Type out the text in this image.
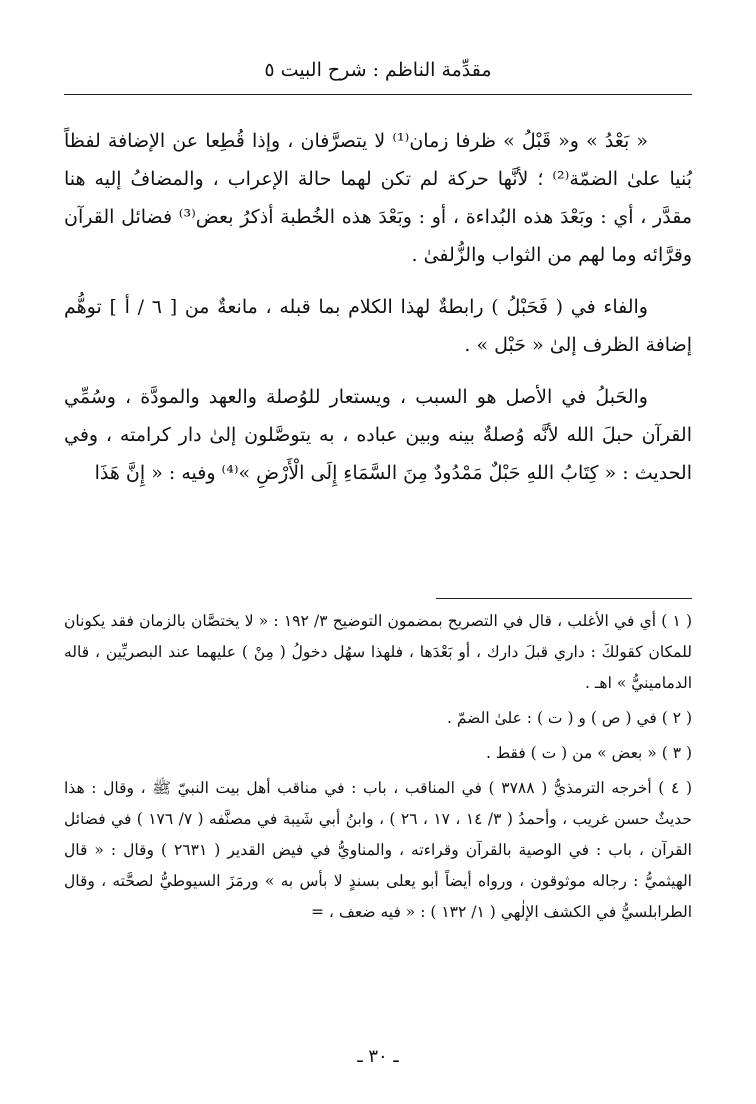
مقدِّمة الناظم : شرح البيت ٥

« بَعْدُ » و« قَبْلُ » ظرفا زمان⁽¹⁾ لا يتصرَّفان ، وإذا قُطِعا عن الإضافة لفظاً بُنيا علىٰ الضمّة⁽²⁾ ؛ لأنَّها حركة لم تكن لهما حالة الإعراب ، والمضافُ إليه هنا مقدَّر ، أي : وبَعْدَ هذه البُداءة ، أو : وبَعْدَ هذه الخُطبة أذكرُ بعض⁽³⁾ فضائل القرآن وقرَّائه وما لهم من الثواب والزُّلفىٰ .

والفاء في ( فَحَبْلُ ) رابطةٌ لهذا الكلام بما قبله ، مانعةٌ من [ ٦ / أ ] توهُّم إضافة الظرف إلىٰ « حَبْل » .

والحَبلُ في الأصل هو السبب ، ويستعار للوُصلة والعهد والمودَّة ، وسُمِّي القرآن حبلَ الله لأنَّه وُصلةٌ بينه وبين عباده ، به يتوصَّلون إلىٰ دار كرامته ، وفي الحديث : « كِتَابُ اللهِ حَبْلٌ مَمْدُودٌ مِنَ السَّمَاءِ إِلَى الْأَرْضِ »⁽⁴⁾ وفيه : « إِنَّ هَذَا

( ١ ) أي في الأغلب ، قال في التصريح بمضمون التوضيح ٣/ ١٩٢ : « لا يختصَّان بالزمان فقد يكونان للمكان كقولكَ : داري قبلَ دارك ، أو بَعْدَها ، فلهذا سهُل دخولُ ( مِنْ ) عليهما عند البصريِّين ، قاله الدمامينيُّ » اهـ .

( ٢ ) في ( ص ) و ( ت ) : علىٰ الضمّ .

( ٣ ) « بعض » من ( ت ) فقط .

( ٤ ) أخرجه الترمذيُّ ( ٣٧٨٨ ) في المناقب ، باب : في مناقب أهل بيت النبيّ ﷺ ، وقال : هذا حديثٌ حسن غريب ، وأحمدُ ( ٣/ ١٤ ، ١٧ ، ٢٦ ) ، وابنُ أبي شَيبة في مصنَّفه ( ٧/ ١٧٦ ) في فضائل القرآن ، باب : في الوصية بالقرآن وقراءته ، والمناويُّ في فيض القدير ( ٢٦٣١ ) وقال : « قال الهيثميُّ : رجاله موثوقون ، ورواه أيضاً أبو يعلى بسندٍ لا بأس به » ورمَزَ السيوطيُّ لصحَّته ، وقال الطرابلسيُّ في الكشف الإلٰهي ( ١/ ١٣٢ ) : « فيه ضعف ، =

ـ ٣٠ ـ
